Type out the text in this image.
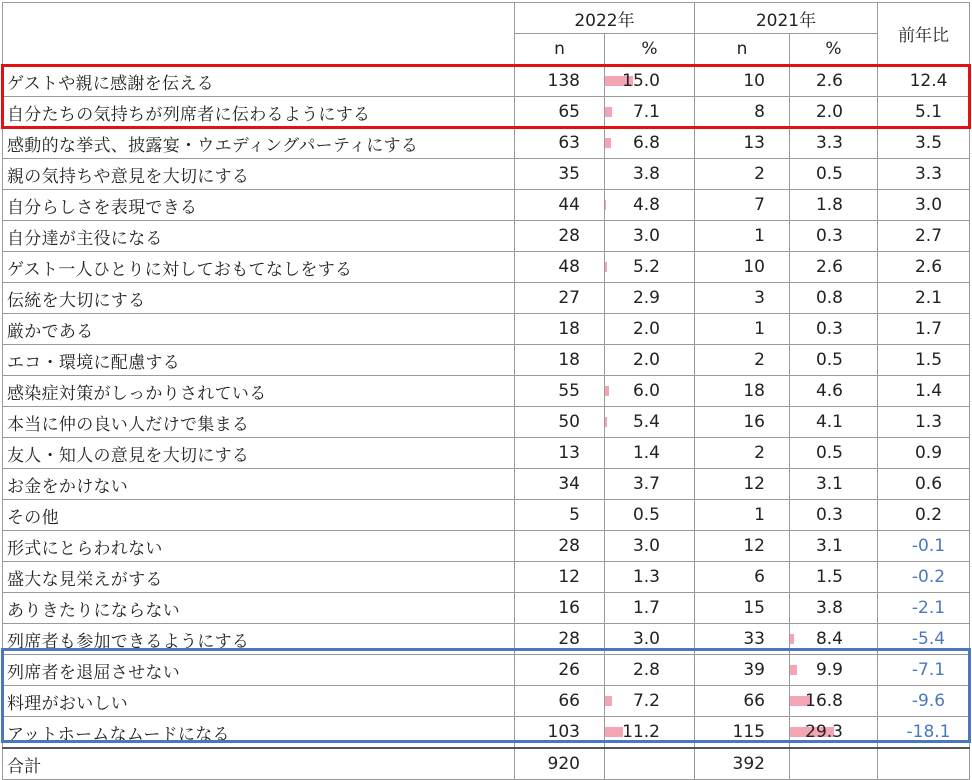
	2022年		2021年		前年比
	n	%	n	%	
ゲストや親に感謝を伝える	138	15.0	10	2.6	12.4
自分たちの気持ちが列席者に伝わるようにする	65	7.1	8	2.0	5.1
感動的な挙式、披露宴・ウエディングパーティにする	63	6.8	13	3.3	3.5
親の気持ちや意見を大切にする	35	3.8	2	0.5	3.3
自分らしさを表現できる	44	4.8	7	1.8	3.0
自分達が主役になる	28	3.0	1	0.3	2.7
ゲスト一人ひとりに対しておもてなしをする	48	5.2	10	2.6	2.6
伝統を大切にする	27	2.9	3	0.8	2.1
厳かである	18	2.0	1	0.3	1.7
エコ・環境に配慮する	18	2.0	2	0.5	1.5
感染症対策がしっかりされている	55	6.0	18	4.6	1.4
本当に仲の良い人だけで集まる	50	5.4	16	4.1	1.3
友人・知人の意見を大切にする	13	1.4	2	0.5	0.9
お金をかけない	34	3.7	12	3.1	0.6
その他	5	0.5	1	0.3	0.2
形式にとらわれない	28	3.0	12	3.1	-0.1
盛大な見栄えがする	12	1.3	6	1.5	-0.2
ありきたりにならない	16	1.7	15	3.8	-2.1
列席者も参加できるようにする	28	3.0	33	8.4	-5.4
列席者を退屈させない	26	2.8	39	9.9	-7.1
料理がおいしい	66	7.2	66	16.8	-9.6
アットホームなムードになる	103	11.2	115	29.3	-18.1
合計	920		392		
